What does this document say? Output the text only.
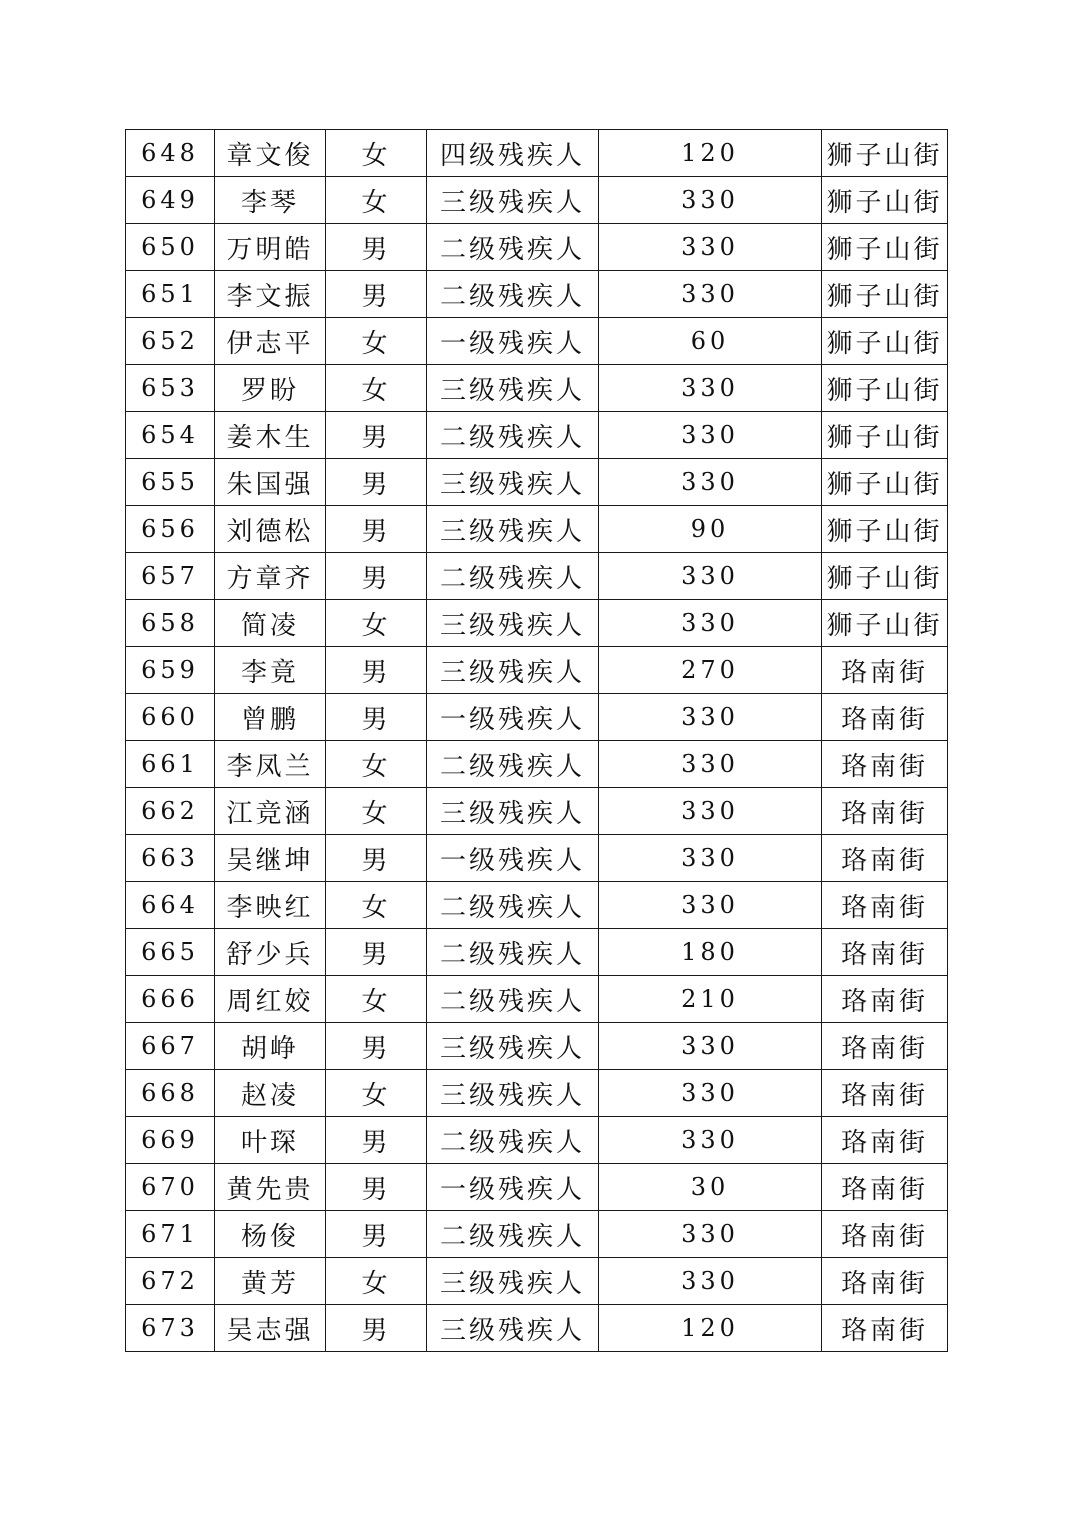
648	章文俊	女	四级残疾人	120	狮子山街
649	李琴	女	三级残疾人	330	狮子山街
650	万明皓	男	二级残疾人	330	狮子山街
651	李文振	男	二级残疾人	330	狮子山街
652	伊志平	女	一级残疾人	60	狮子山街
653	罗盼	女	三级残疾人	330	狮子山街
654	姜木生	男	二级残疾人	330	狮子山街
655	朱国强	男	三级残疾人	330	狮子山街
656	刘德松	男	三级残疾人	90	狮子山街
657	方章齐	男	二级残疾人	330	狮子山街
658	简凌	女	三级残疾人	330	狮子山街
659	李竟	男	三级残疾人	270	珞南街
660	曾鹏	男	一级残疾人	330	珞南街
661	李凤兰	女	二级残疾人	330	珞南街
662	江竞涵	女	三级残疾人	330	珞南街
663	吴继坤	男	一级残疾人	330	珞南街
664	李映红	女	二级残疾人	330	珞南街
665	舒少兵	男	二级残疾人	180	珞南街
666	周红姣	女	二级残疾人	210	珞南街
667	胡峥	男	三级残疾人	330	珞南街
668	赵凌	女	三级残疾人	330	珞南街
669	叶琛	男	二级残疾人	330	珞南街
670	黄先贵	男	一级残疾人	30	珞南街
671	杨俊	男	二级残疾人	330	珞南街
672	黄芳	女	三级残疾人	330	珞南街
673	吴志强	男	三级残疾人	120	珞南街
